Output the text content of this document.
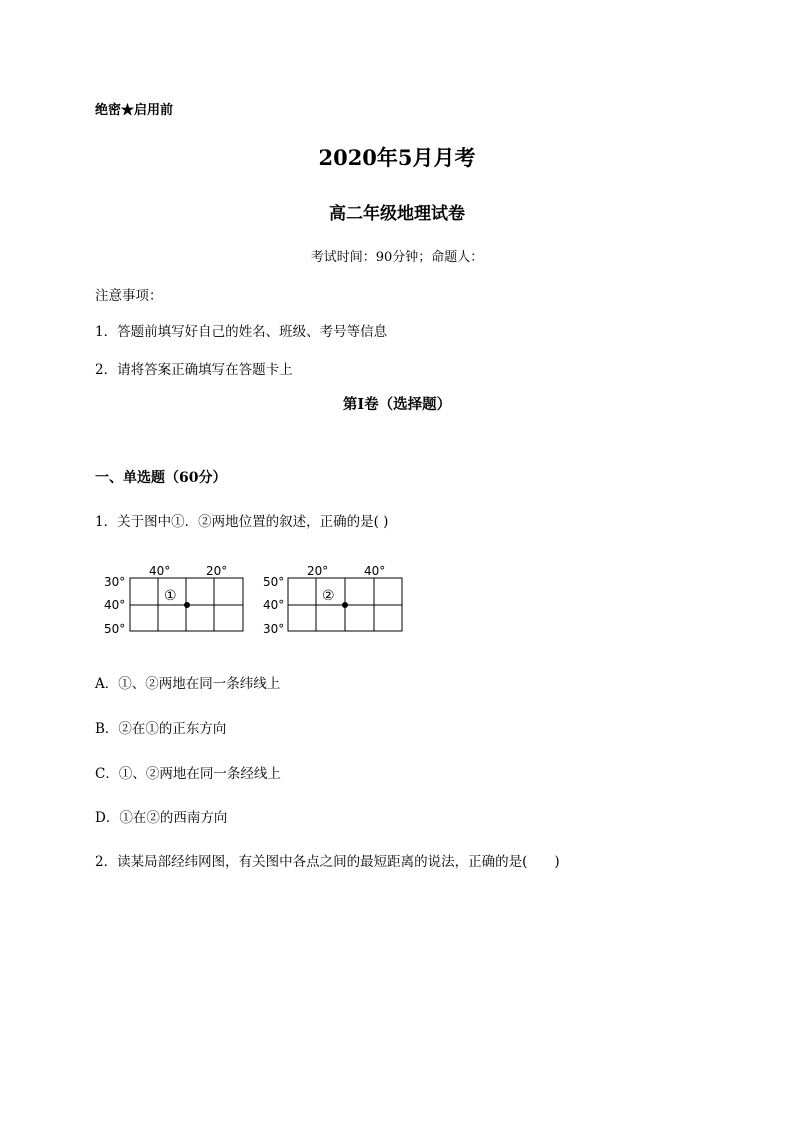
绝密★启用前
2020年5月月考
高二年级地理试卷
考试时间：90分钟；命题人：
注意事项：
1．答题前填写好自己的姓名、班级、考号等信息
2．请将答案正确填写在答题卡上
第I卷（选择题）
一、单选题（60分）
1．关于图中①．②两地位置的叙述，正确的是( )
40°	20°
30°
40°
50°
①
20°	40°
50°
40°
30°
②
A．①、②两地在同一条纬线上
B．②在①的正东方向
C．①、②两地在同一条经线上
D．①在②的西南方向
2．读某局部经纬网图，有关图中各点之间的最短距离的说法，正确的是(　　)
